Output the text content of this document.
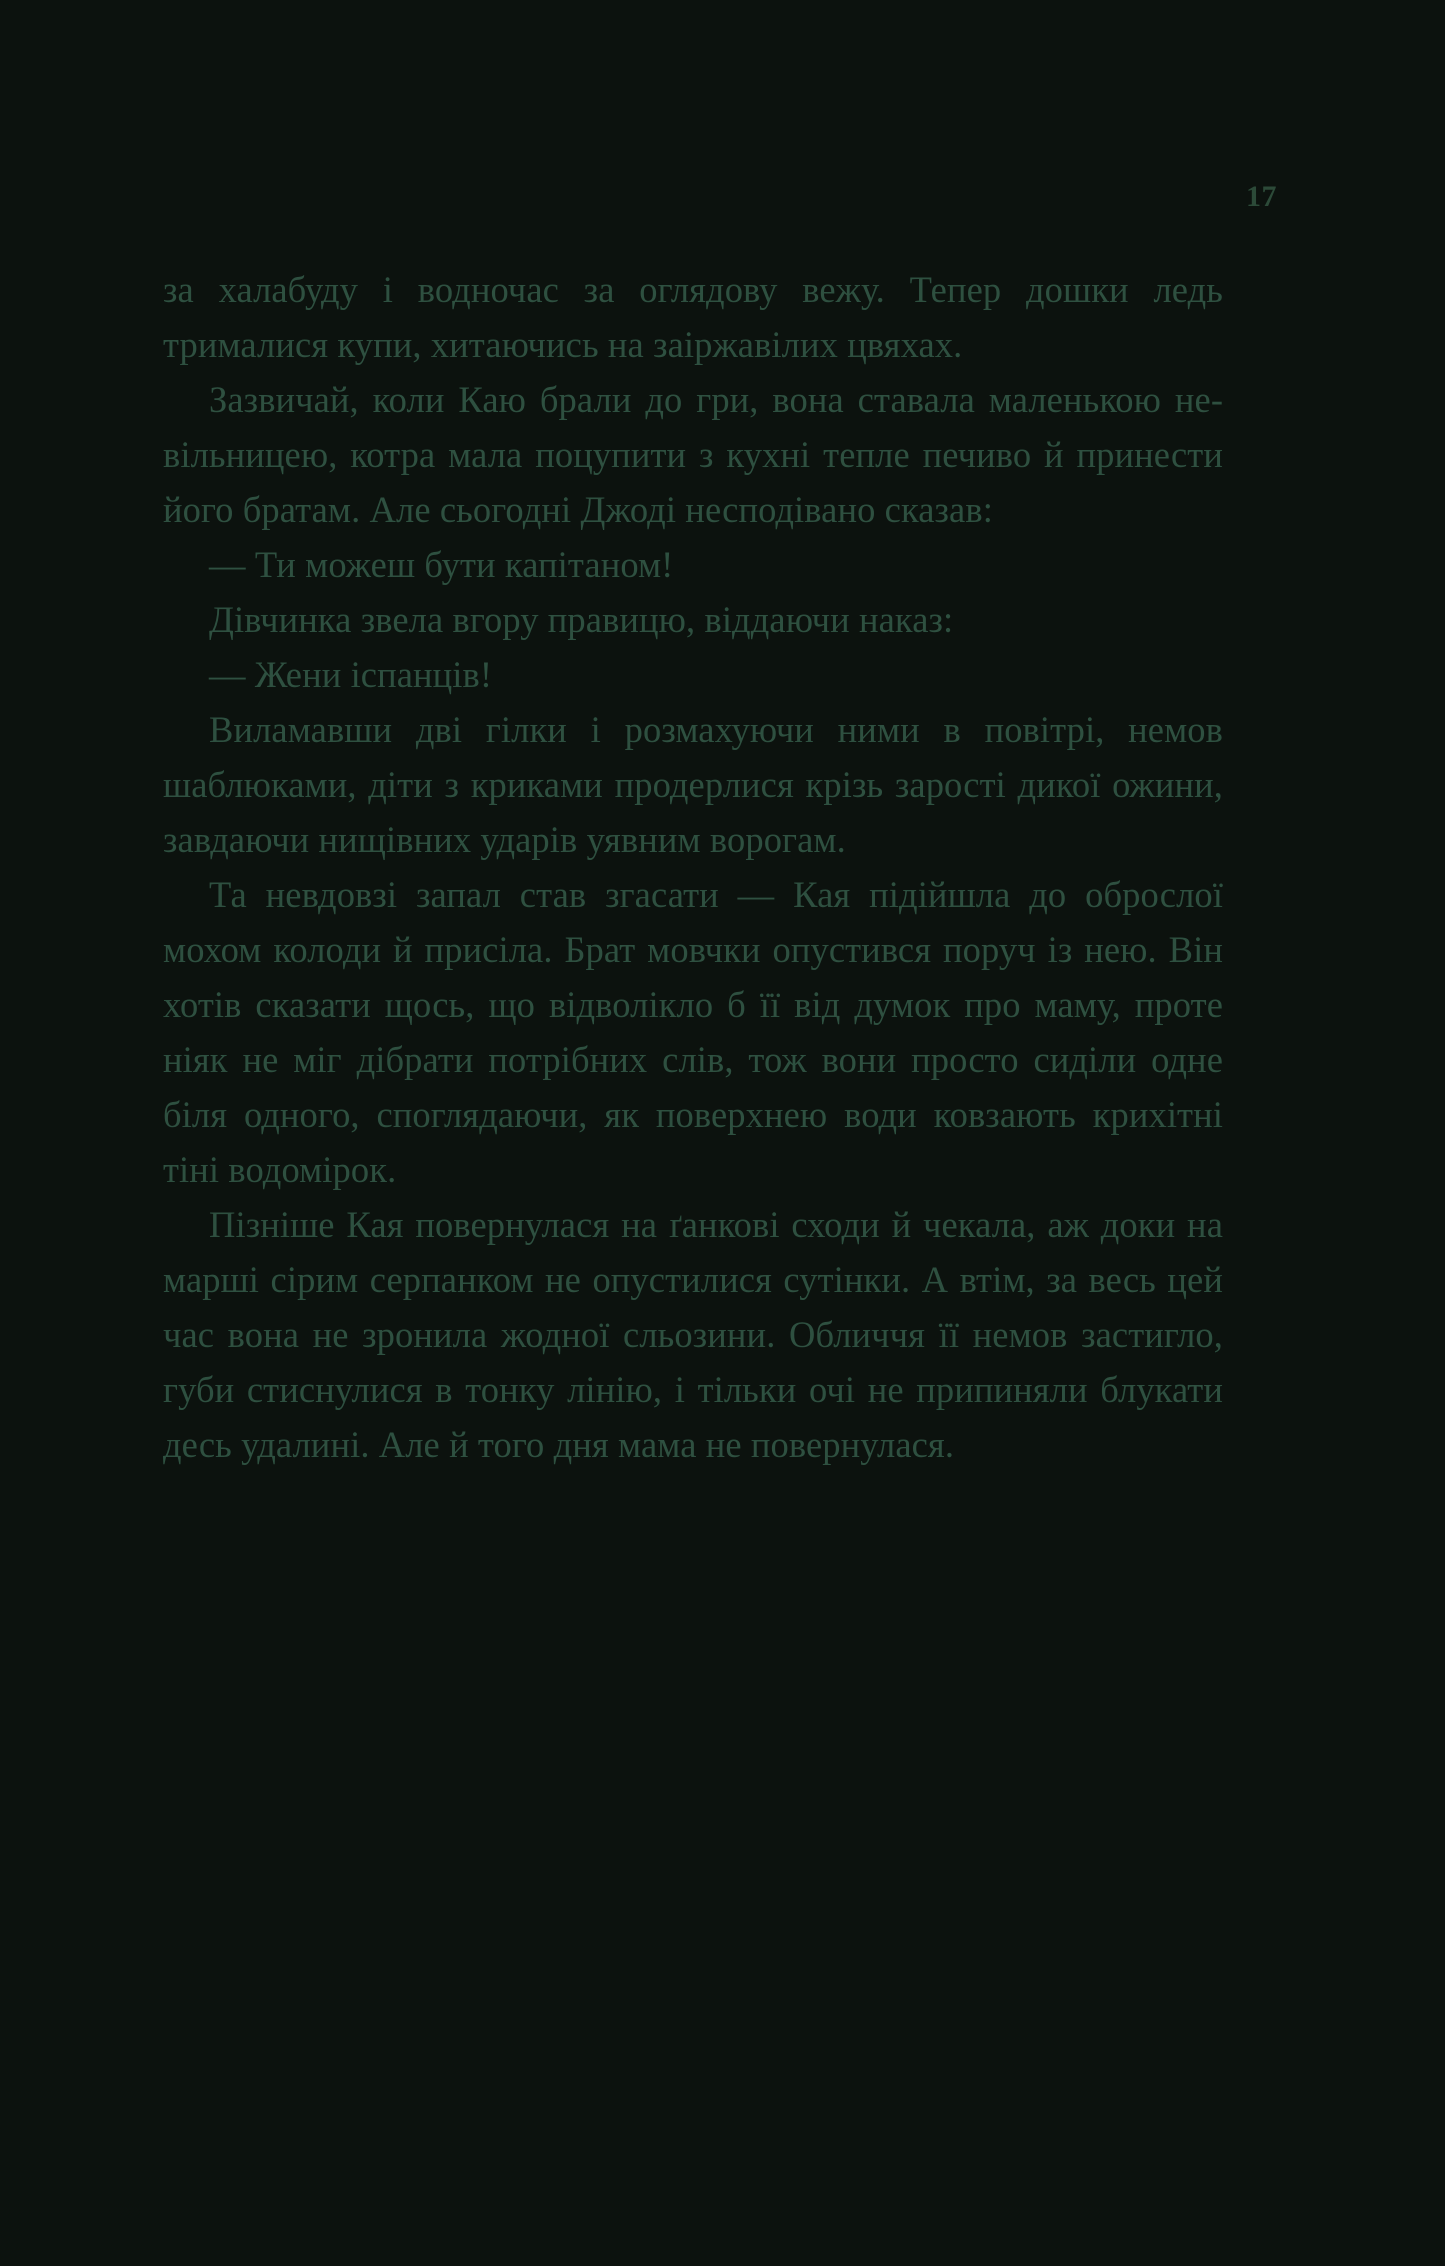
17

за халабуду і водночас за оглядову вежу. Тепер дошки ледь трималися купи, хитаючись на заіржавілих цвяхах.

Зазвичай, коли Каю брали до гри, вона ставала маленькою невільницею, котра мала поцупити з кухні тепле печиво й принести його братам. Але сьогодні Джоді несподівано сказав:

— Ти можеш бути капітаном!

Дівчинка звела вгору правицю, віддаючи наказ:

— Жени іспанців!

Виламавши дві гілки і розмахуючи ними в повітрі, немов шаблюками, діти з криками продерлися крізь зарості дикої ожини, завдаючи нищівних ударів уявним ворогам.

Та невдовзі запал став згасати — Кая підійшла до оброслої мохом колоди й присіла. Брат мовчки опустився поруч із нею. Він хотів сказати щось, що відволікло б її від думок про маму, проте ніяк не міг дібрати потрібних слів, тож вони просто сиділи одне біля одного, споглядаючи, як поверхнею води ковзають крихітні тіні водомірок.

Пізніше Кая повернулася на ґанкові сходи й чекала, аж доки на марші сірим серпанком не опустилися сутінки. А втім, за весь цей час вона не зронила жодної сльозини. Обличчя її немов застигло, губи стиснулися в тонку лінію, і тільки очі не припиняли блукати десь удалині. Але й того дня мама не повернулася.
